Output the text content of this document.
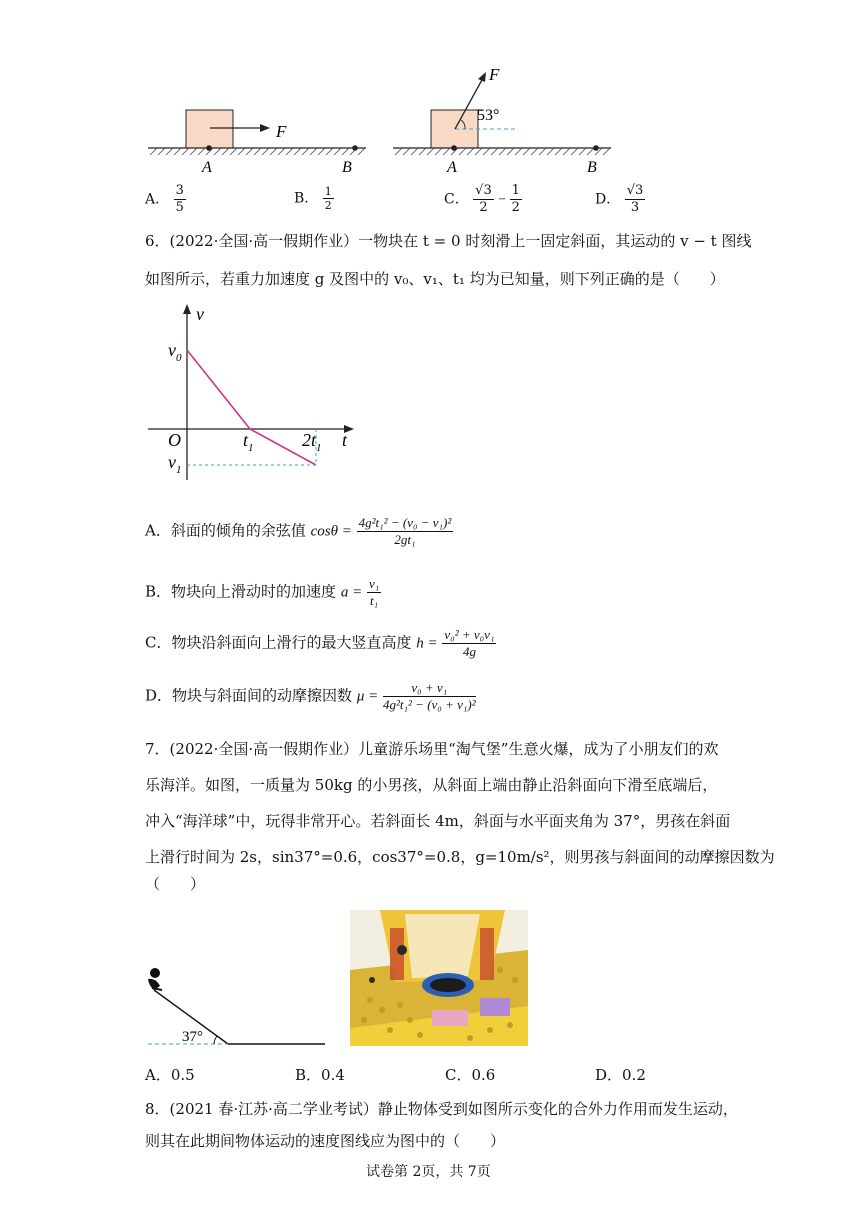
F
A	B
F
53°
A	B
A． $\frac{3}{5}$	B． $\frac{1}{2}$	C． $\frac{√3}{2} - \frac{1}{2}$	D． $\frac{√3}{3}$
6．(2022·全国·高一假期作业）一物块在 t = 0 时刻滑上一固定斜面，其运动的 v − t 图线
如图所示，若重力加速度 g 及图中的 v₀、v₁、t₁ 均为已知量，则下列正确的是（　　）
v
$v_0$
O	$t_1$	$2t_1$ t
$v_1$
A．斜面的倾角的余弦值 $\cos\theta = \frac{\text{4g²t₁² − (v₀ − v₁)²}}{\text{2gt₁}}$
B．物块向上滑动时的加速度 $a = \frac{\text{v₁}}{\text{t₁}}$
C．物块沿斜面向上滑行的最大竖直高度 $h = \frac{\text{v₀² + v₀v₁}}{4g}$
D．物块与斜面间的动摩擦因数 $\mu = \frac{\text{v₀ + v₁}}{\text{4g²t₁² − (v₀ + v₁)²}}$
7．(2022·全国·高一假期作业）儿童游乐场里“淘气堡”生意火爆，成为了小朋友们的欢
乐海洋。如图，一质量为 50kg 的小男孩，从斜面上端由静止沿斜面向下滑至底端后，
冲入“海洋球”中，玩得非常开心。若斜面长 4m，斜面与水平面夹角为 37°，男孩在斜面
上滑行时间为 2s，sin37°=0.6，cos37°=0.8，g=10m/s²，则男孩与斜面间的动摩擦因数为
（　　）
37°
A．0.5	B．0.4	C．0.6	D．0.2
8．(2021 春·江苏·高二学业考试）静止物体受到如图所示变化的合外力作用而发生运动，
则其在此期间物体运动的速度图线应为图中的（　　）
试卷第 2页，共 7页
